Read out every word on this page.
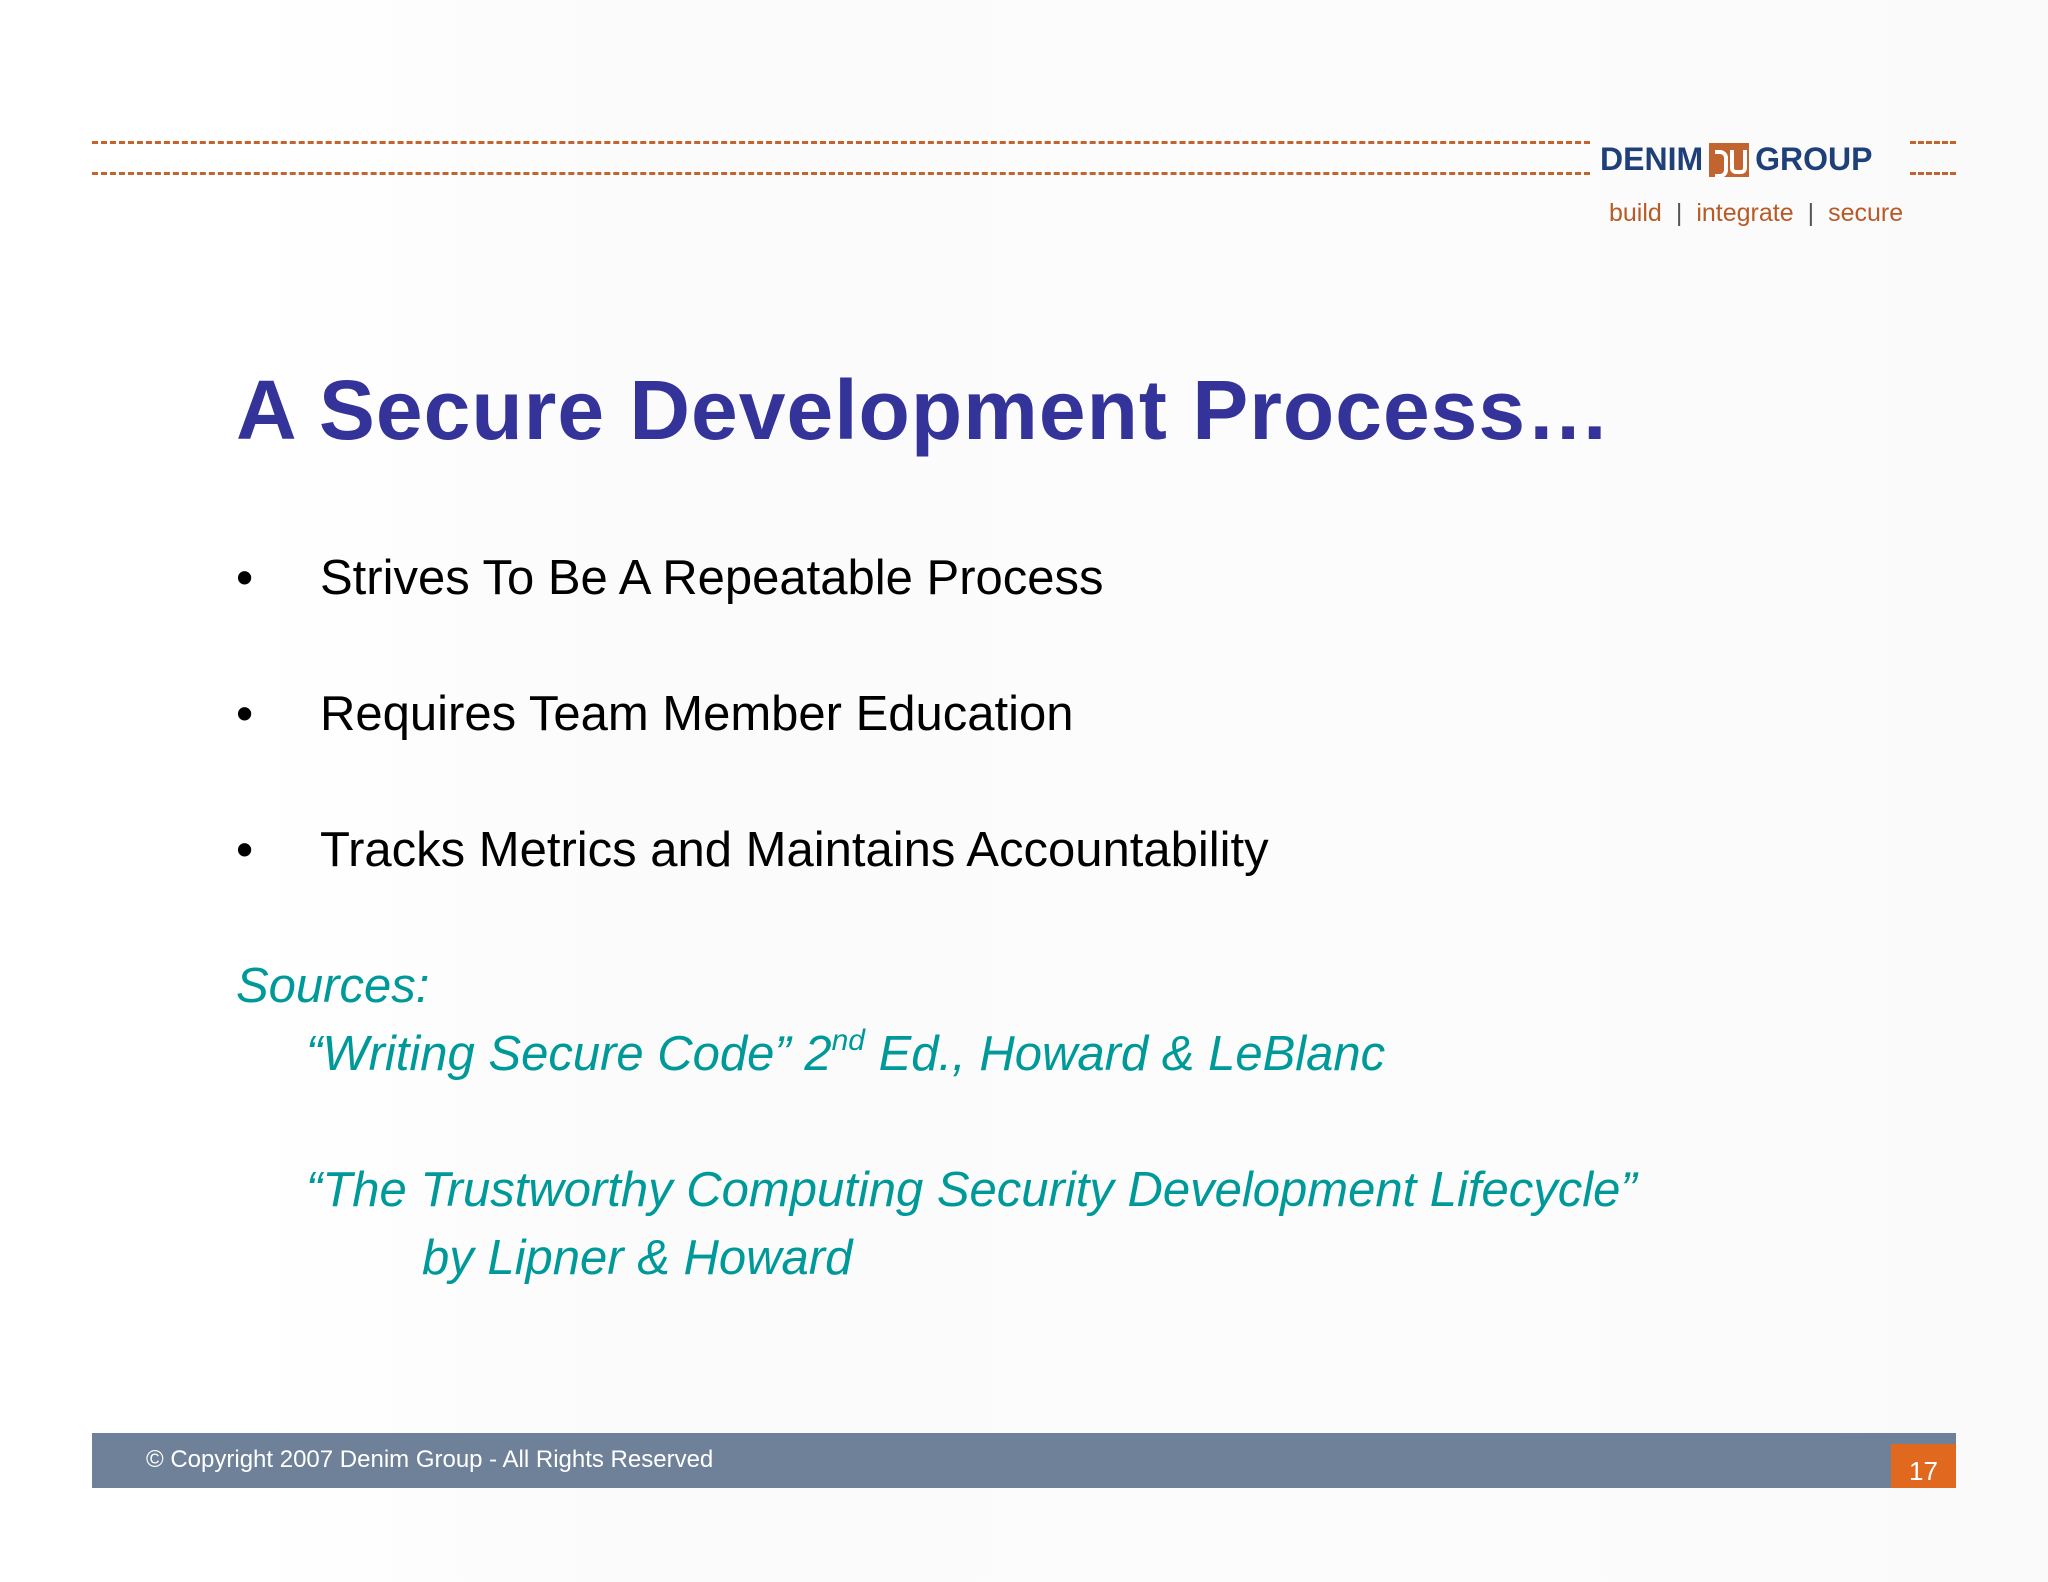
DENIM GROUP
build | integrate | secure
A Secure Development Process…
•	Strives To Be A Repeatable Process
•	Requires Team Member Education
•	Tracks Metrics and Maintains Accountability
Sources:
“Writing Secure Code” 2nd Ed., Howard & LeBlanc
“The Trustworthy Computing Security Development Lifecycle”
by Lipner & Howard
© Copyright 2007 Denim Group - All Rights Reserved	17
